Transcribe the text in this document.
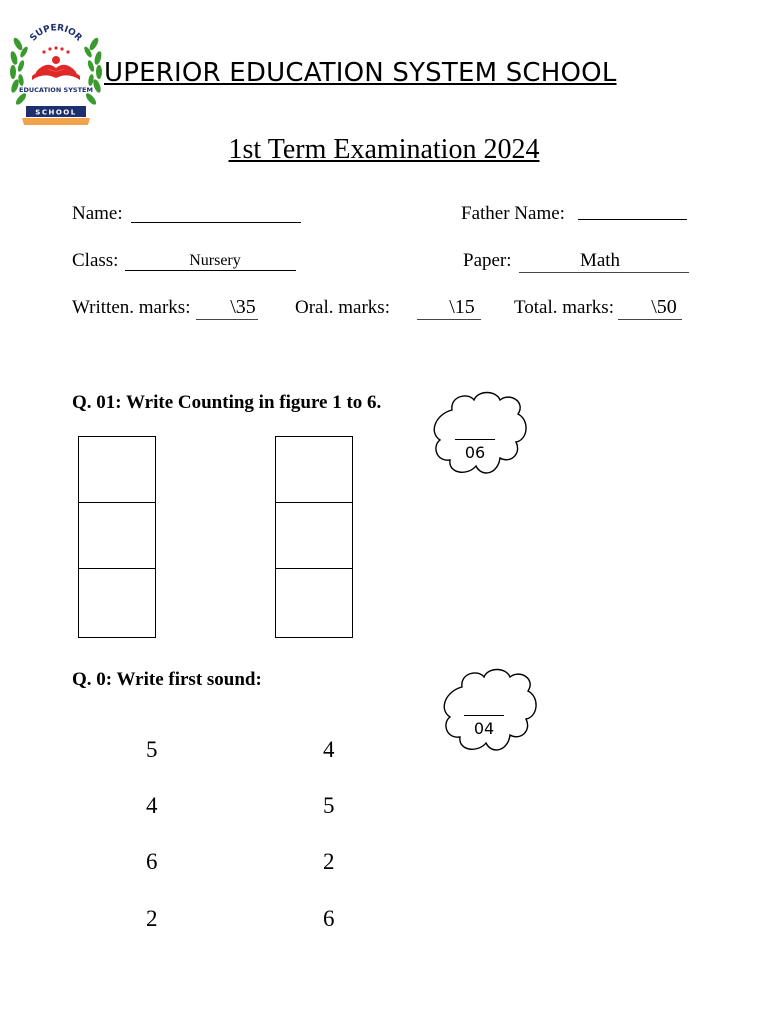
SUPERIOR
EDUCATION SYSTEM
SCHOOL
UPERIOR EDUCATION SYSTEM SCHOOL
1st Term Examination 2024
Name:	Father Name:
Class:	Nursery	Paper:	Math
Written. marks:	\35	Oral. marks:	\15	Total. marks:	\50
Q. 01: Write Counting in figure 1 to 6.
06
Q. 0: Write first sound:
04
5	4
4	5
6	2
2	6
